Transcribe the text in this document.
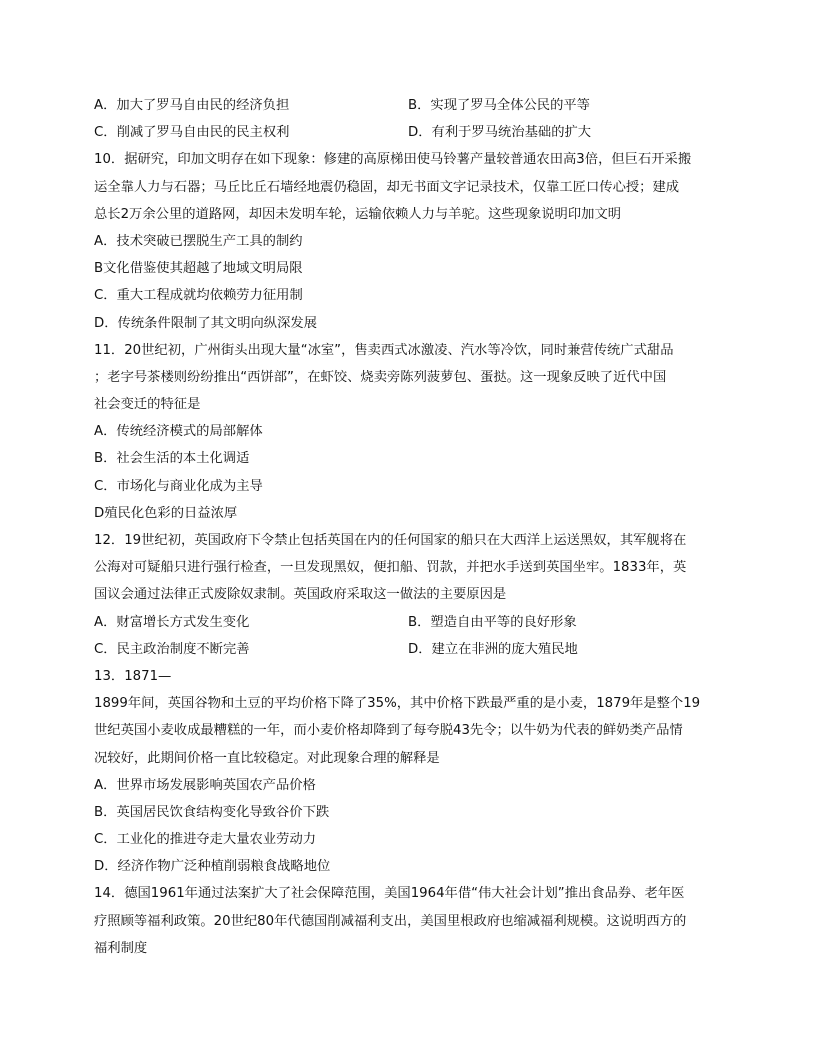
A．加大了罗马自由民的经济负担	B．实现了罗马全体公民的平等
C．削减了罗马自由民的民主权利	D．有利于罗马统治基础的扩大
10．据研究，印加文明存在如下现象：修建的高原梯田使马铃薯产量较普通农田高3倍，但巨石开采搬
运全靠人力与石器；马丘比丘石墙经地震仍稳固，却无书面文字记录技术，仅靠工匠口传心授；建成
总长2万余公里的道路网，却因未发明车轮，运输依赖人力与羊驼。这些现象说明印加文明
A．技术突破已摆脱生产工具的制约
B文化借鉴使其超越了地域文明局限
C．重大工程成就均依赖劳力征用制
D．传统条件限制了其文明向纵深发展
11．20世纪初，广州街头出现大量“冰室”，售卖西式冰激凌、汽水等冷饮，同时兼营传统广式甜品
；老字号茶楼则纷纷推出“西饼部”，在虾饺、烧卖旁陈列菠萝包、蛋挞。这一现象反映了近代中国
社会变迁的特征是
A．传统经济模式的局部解体
B．社会生活的本土化调适
C．市场化与商业化成为主导
D殖民化色彩的日益浓厚
12．19世纪初，英国政府下令禁止包括英国在内的任何国家的船只在大西洋上运送黑奴，其军舰将在
公海对可疑船只进行强行检查，一旦发现黑奴，便扣船、罚款，并把水手送到英国坐牢。1833年，英
国议会通过法律正式废除奴隶制。英国政府采取这一做法的主要原因是
A．财富增长方式发生变化	B．塑造自由平等的良好形象
C．民主政治制度不断完善	D．建立在非洲的庞大殖民地
13．1871—
1899年间，英国谷物和土豆的平均价格下降了35%，其中价格下跌最严重的是小麦，1879年是整个19
世纪英国小麦收成最糟糕的一年，而小麦价格却降到了每夸脱43先令；以牛奶为代表的鲜奶类产品情
况较好，此期间价格一直比较稳定。对此现象合理的解释是
A．世界市场发展影响英国农产品价格
B．英国居民饮食结构变化导致谷价下跌
C．工业化的推进夺走大量农业劳动力
D．经济作物广泛种植削弱粮食战略地位
14．德国1961年通过法案扩大了社会保障范围，美国1964年借“伟大社会计划”推出食品券、老年医
疗照顾等福利政策。20世纪80年代德国削减福利支出，美国里根政府也缩减福利规模。这说明西方的
福利制度
